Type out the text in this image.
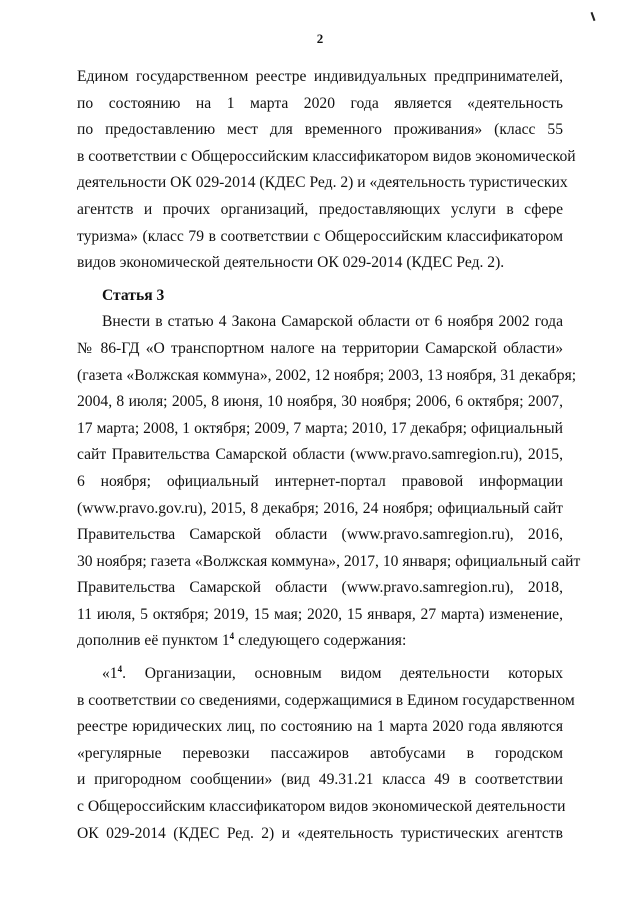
2
Едином государственном реестре индивидуальных предпринимателей,
по состоянию на 1 марта 2020 года является «деятельность
по предоставлению мест для временного проживания» (класс 55
в соответствии с Общероссийским классификатором видов экономической
деятельности ОК 029-2014 (КДЕС Ред. 2) и «деятельность туристических
агентств и прочих организаций, предоставляющих услуги в сфере
туризма» (класс 79 в соответствии с Общероссийским классификатором
видов экономической деятельности ОК 029-2014 (КДЕС Ред. 2).
Статья 3
Внести в статью 4 Закона Самарской области от 6 ноября 2002 года
№ 86-ГД «О транспортном налоге на территории Самарской области»
(газета «Волжская коммуна», 2002, 12 ноября; 2003, 13 ноября, 31 декабря;
2004, 8 июля; 2005, 8 июня, 10 ноября, 30 ноября; 2006, 6 октября; 2007,
17 марта; 2008, 1 октября; 2009, 7 марта; 2010, 17 декабря; официальный
сайт Правительства Самарской области (www.pravo.samregion.ru), 2015,
6 ноября; официальный интернет-портал правовой информации
(www.pravo.gov.ru), 2015, 8 декабря; 2016, 24 ноября; официальный сайт
Правительства Самарской области (www.pravo.samregion.ru), 2016,
30 ноября; газета «Волжская коммуна», 2017, 10 января; официальный сайт
Правительства Самарской области (www.pravo.samregion.ru), 2018,
11 июля, 5 октября; 2019, 15 мая; 2020, 15 января, 27 марта) изменение,
дополнив её пунктом $1^4$ следующего содержания:
«$1^4$. Организации, основным видом деятельности которых
в соответствии со сведениями, содержащимися в Едином государственном
реестре юридических лиц, по состоянию на 1 марта 2020 года являются
«регулярные перевозки пассажиров автобусами в городском
и пригородном сообщении» (вид 49.31.21 класса 49 в соответствии
с Общероссийским классификатором видов экономической деятельности
ОК 029-2014 (КДЕС Ред. 2) и «деятельность туристических агентств
